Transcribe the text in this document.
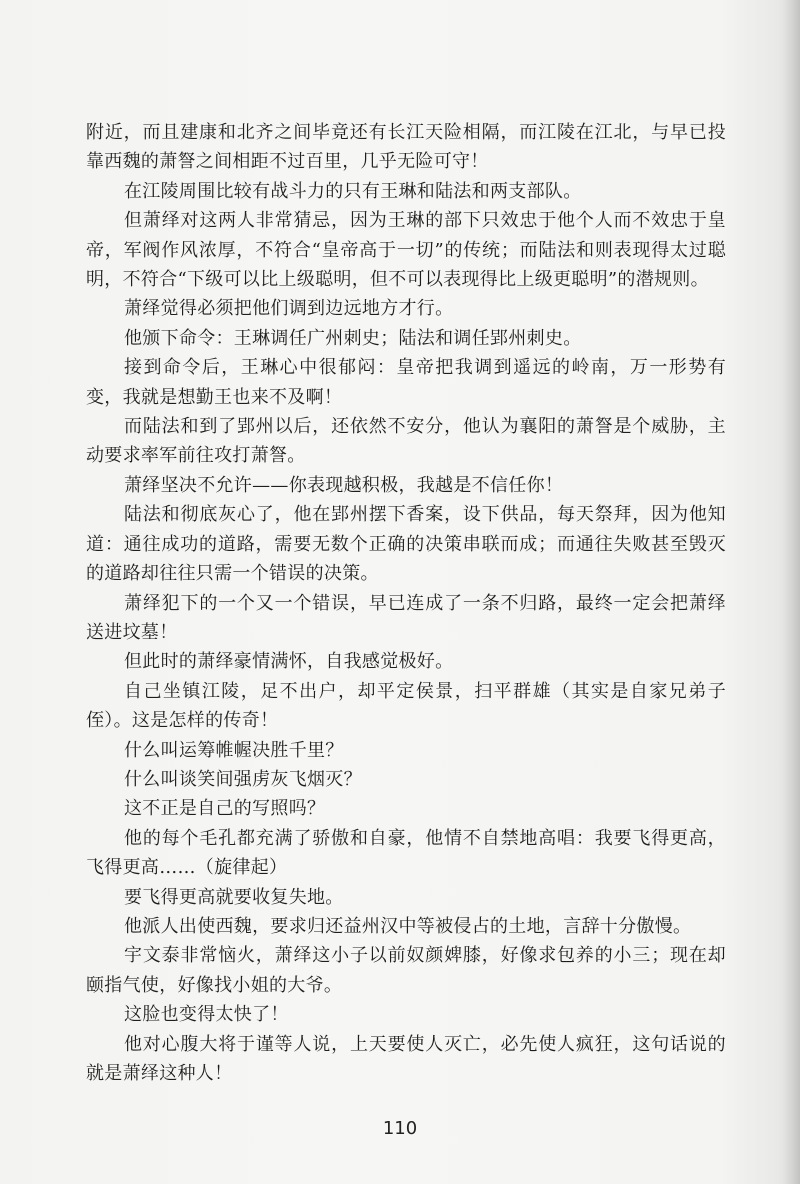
附近，而且建康和北齐之间毕竟还有长江天险相隔，而江陵在江北，与早已投靠西魏的萧詧之间相距不过百里，几乎无险可守！

在江陵周围比较有战斗力的只有王琳和陆法和两支部队。

但萧绎对这两人非常猜忌，因为王琳的部下只效忠于他个人而不效忠于皇帝，军阀作风浓厚，不符合“皇帝高于一切”的传统；而陆法和则表现得太过聪明，不符合“下级可以比上级聪明，但不可以表现得比上级更聪明”的潜规则。

萧绎觉得必须把他们调到边远地方才行。

他颁下命令：王琳调任广州刺史；陆法和调任郢州刺史。

接到命令后，王琳心中很郁闷：皇帝把我调到遥远的岭南，万一形势有变，我就是想勤王也来不及啊！

而陆法和到了郢州以后，还依然不安分，他认为襄阳的萧詧是个威胁，主动要求率军前往攻打萧詧。

萧绎坚决不允许——你表现越积极，我越是不信任你！

陆法和彻底灰心了，他在郢州摆下香案，设下供品，每天祭拜，因为他知道：通往成功的道路，需要无数个正确的决策串联而成；而通往失败甚至毁灭的道路却往往只需一个错误的决策。

萧绎犯下的一个又一个错误，早已连成了一条不归路，最终一定会把萧绎送进坟墓！

但此时的萧绎豪情满怀，自我感觉极好。

自己坐镇江陵，足不出户，却平定侯景，扫平群雄（其实是自家兄弟子侄）。这是怎样的传奇！

什么叫运筹帷幄决胜千里？

什么叫谈笑间强虏灰飞烟灭？

这不正是自己的写照吗？

他的每个毛孔都充满了骄傲和自豪，他情不自禁地高唱：我要飞得更高，飞得更高……（旋律起）

要飞得更高就要收复失地。

他派人出使西魏，要求归还益州汉中等被侵占的土地，言辞十分傲慢。

宇文泰非常恼火，萧绎这小子以前奴颜婢膝，好像求包养的小三；现在却颐指气使，好像找小姐的大爷。

这脸也变得太快了！

他对心腹大将于谨等人说，上天要使人灭亡，必先使人疯狂，这句话说的就是萧绎这种人！

110
